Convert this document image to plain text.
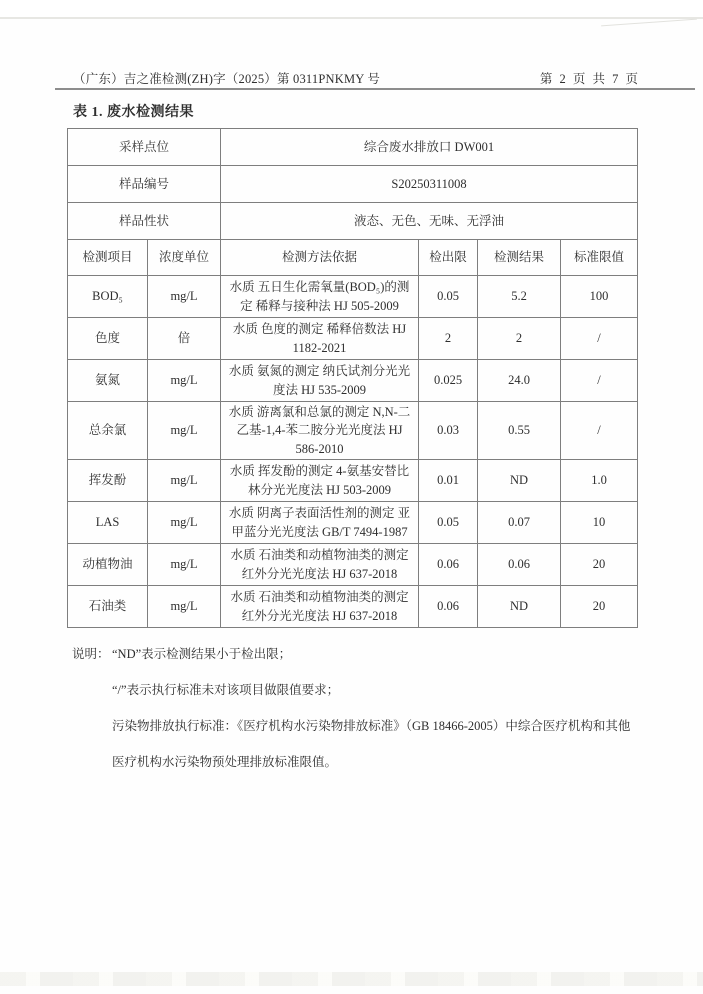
（广东）吉之准检测(ZH)字（2025）第 0311PNKMY 号	第 2 页 共 7 页
表 1. 废水检测结果
采样点位		综合废水排放口 DW001			
样品编号		S20250311008			
样品性状		液态、无色、无味、无浮油			
检测项目	浓度单位	检测方法依据	检出限	检测结果	标准限值
BOD₅	mg/L	水质 五日生化需氧量(BOD₅)的测定 稀释与接种法 HJ 505-2009	0.05	5.2	100
色度	倍	水质 色度的测定 稀释倍数法 HJ 1182-2021	2	2	/
氨氮	mg/L	水质 氨氮的测定 纳氏试剂分光光度法 HJ 535-2009	0.025	24.0	/
总余氯	mg/L	水质 游离氯和总氯的测定 N,N-二乙基-1,4-苯二胺分光光度法 HJ 586-2010	0.03	0.55	/
挥发酚	mg/L	水质 挥发酚的测定 4-氨基安替比林分光光度法 HJ 503-2009	0.01	ND	1.0
LAS	mg/L	水质 阴离子表面活性剂的测定 亚甲蓝分光光度法 GB/T 7494-1987	0.05	0.07	10
动植物油	mg/L	水质 石油类和动植物油类的测定 红外分光光度法 HJ 637-2018	0.06	0.06	20
石油类	mg/L	水质 石油类和动植物油类的测定 红外分光光度法 HJ 637-2018	0.06	ND	20
说明： “ND”表示检测结果小于检出限；
“/”表示执行标准未对该项目做限值要求；
污染物排放执行标准：《医疗机构水污染物排放标准》（GB 18466-2005）中综合医疗机构和其他医疗机构水污染物预处理排放标准限值。
